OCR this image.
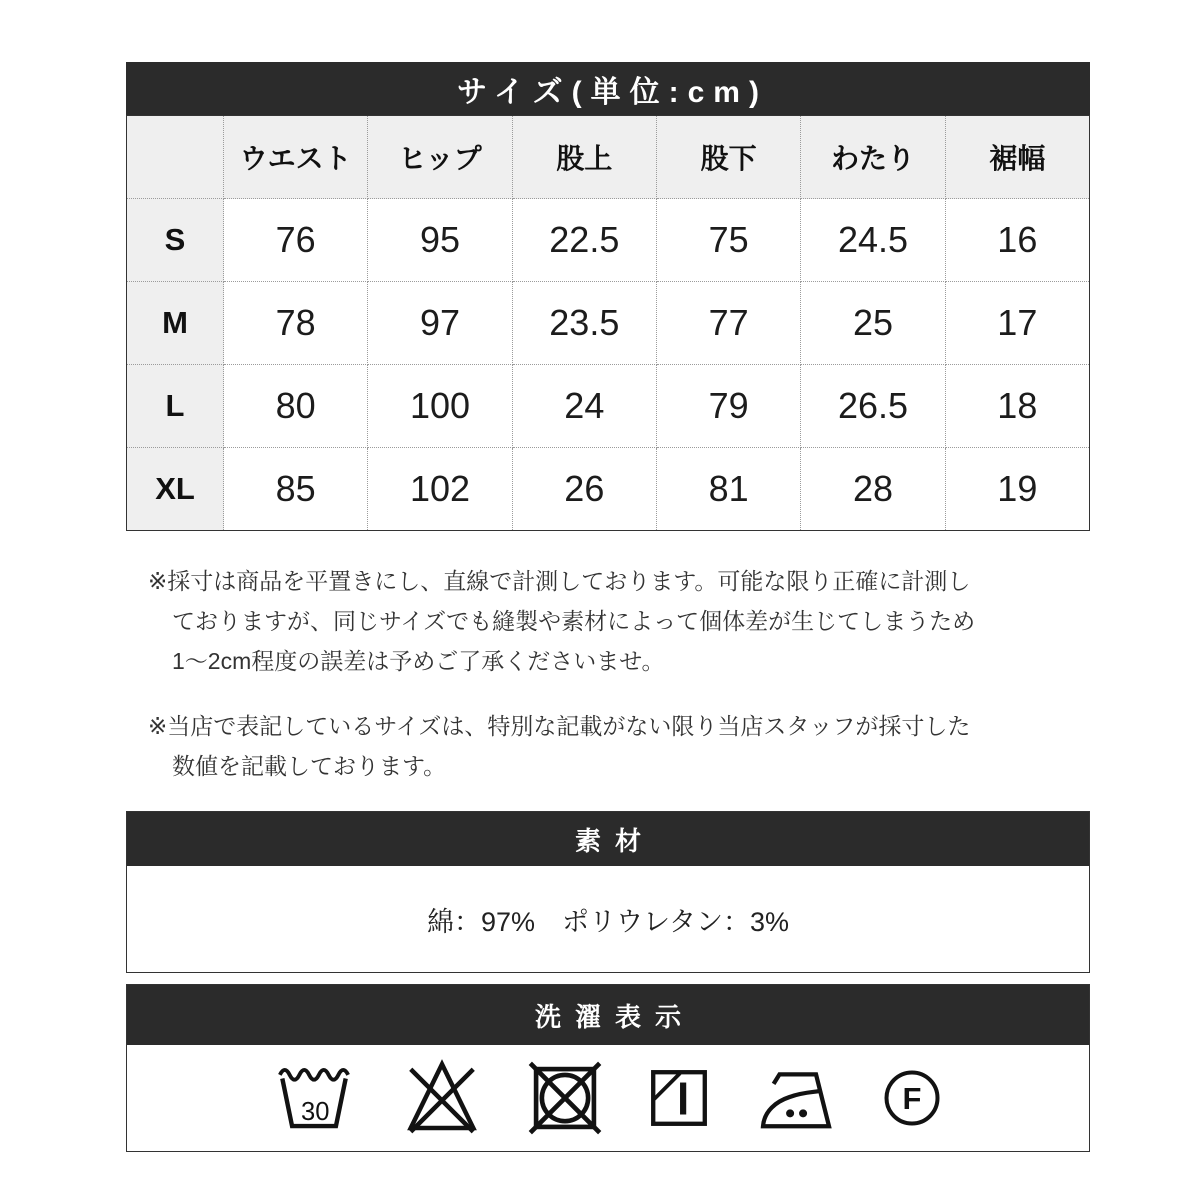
サイズ(単位:cm)
	ウエスト	ヒップ	股上	股下	わたり	裾幅
S	76	95	22.5	75	24.5	16
M	78	97	23.5	77	25	17
L	80	100	24	79	26.5	18
XL	85	102	26	81	28	19
※採寸は商品を平置きにし、直線で計測しております。可能な限り正確に計測し
ておりますが、同じサイズでも縫製や素材によって個体差が生じてしまうため
1〜2cm程度の誤差は予めご了承くださいませ。
※当店で表記しているサイズは、特別な記載がない限り当店スタッフが採寸した
数値を記載しております。
素材
綿：97%　ポリウレタン：3%
洗濯表示
30	F
